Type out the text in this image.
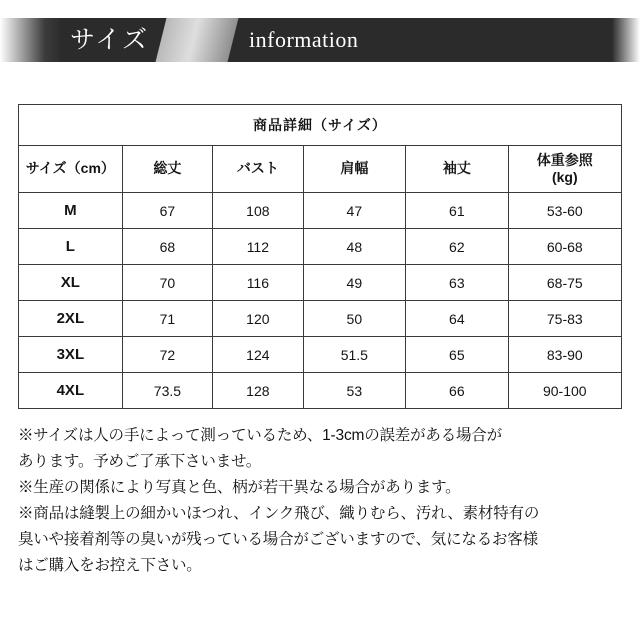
サイズ	information
商品詳細（サイズ）					
サイズ（cm）	総丈	バスト	肩幅	袖丈	体重参照
(kg)
M	67	108	47	61	53-60
L	68	112	48	62	60-68
XL	70	116	49	63	68-75
2XL	71	120	50	64	75-83
3XL	72	124	51.5	65	83-90
4XL	73.5	128	53	66	90-100

※サイズは人の手によって測っているため、1-3cmの誤差がある場合が

あります。予めご了承下さいませ。

※生産の関係により写真と色、柄が若干異なる場合があります。

※商品は縫製上の細かいほつれ、インク飛び、織りむら、汚れ、素材特有の

臭いや接着剤等の臭いが残っている場合がございますので、気になるお客様

はご購入をお控え下さい。
